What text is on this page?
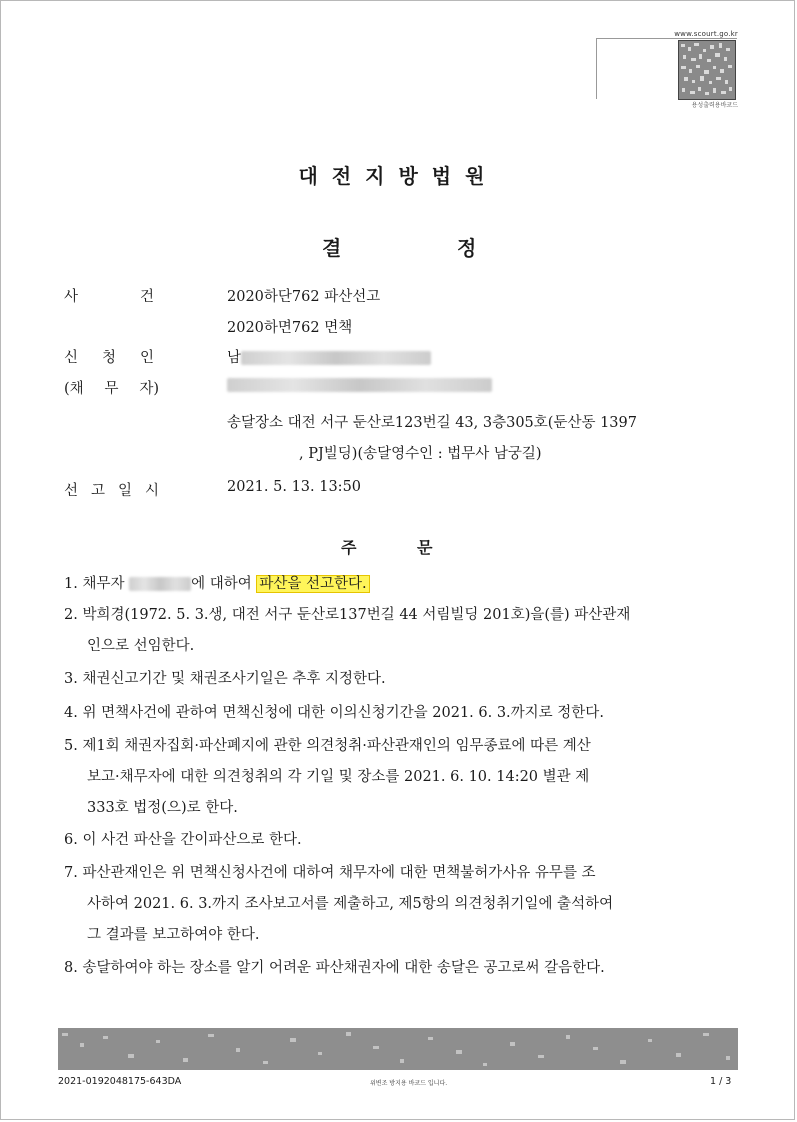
www.scourt.go.kr
용성출력용바코드
대전지방법원
결	정
사	건	2020하단762 파산선고
2020하면762 면책
신 청 인	남
(채 무 자)
송달장소 대전 서구 둔산로123번길 43, 3층305호(둔산동 1397
, PJ빌딩)(송달영수인 : 법무사 남궁길)
선 고 일 시	2021. 5. 13. 13:50
주	문
1. 채무자	에 대하여 파산을 선고한다.
2. 박희경(1972. 5. 3.생, 대전 서구 둔산로137번길 44 서림빌딩 201호)을(를) 파산관재
인으로 선임한다.
3. 채권신고기간 및 채권조사기일은 추후 지정한다.
4. 위 면책사건에 관하여 면책신청에 대한 이의신청기간을 2021. 6. 3.까지로 정한다.
5. 제1회 채권자집회·파산폐지에 관한 의견청취·파산관재인의 임무종료에 따른 계산
보고·채무자에 대한 의견청취의 각 기일 및 장소를 2021. 6. 10. 14:20 별관 제
333호 법정(으)로 한다.
6. 이 사건 파산을 간이파산으로 한다.
7. 파산관재인은 위 면책신청사건에 대하여 채무자에 대한 면책불허가사유 유무를 조
사하여 2021. 6. 3.까지 조사보고서를 제출하고, 제5항의 의견청취기일에 출석하여
그 결과를 보고하여야 한다.
8. 송달하여야 하는 장소를 알기 어려운 파산채권자에 대한 송달은 공고로써 갈음한다.
2021-0192048175-643DA	위변조 방지용 바코드 입니다.	1 / 3
